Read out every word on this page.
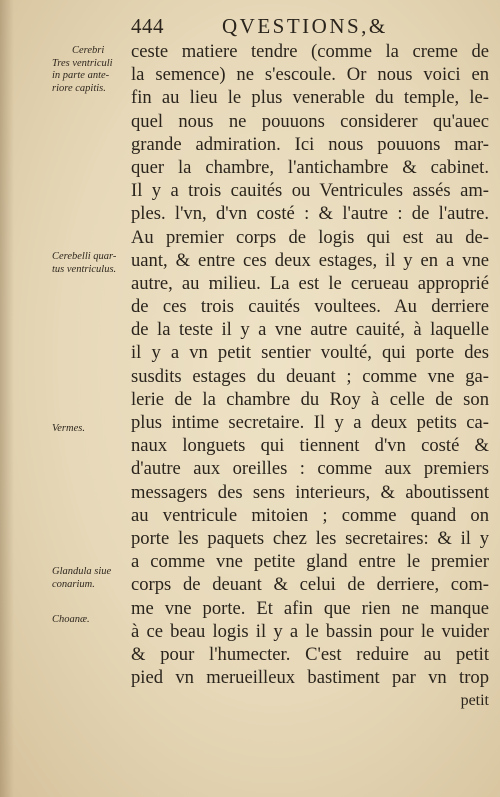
444	QVESTIONS,&
Cerebri
Tres ventriculi
in parte ante-
riore capitis.
Cerebelli quar-
tus ventriculus.
Vermes.
Glandula siue
conarium.
Choanæ.
ceste matiere tendre (comme la creme de
la semence) ne s'escoule. Or nous voici en
fin au lieu le plus venerable du temple, le-
quel nous ne pouuons considerer qu'auec
grande admiration. Ici nous pouuons mar-
quer la chambre, l'antichambre & cabinet.
Il y a trois cauités ou Ventricules assés am-
ples. l'vn, d'vn costé : & l'autre : de l'autre.
Au premier corps de logis qui est au de-
uant, & entre ces deux estages, il y en a vne
autre, au milieu. La est le cerueau approprié
de ces trois cauités voultees. Au derriere
de la teste il y a vne autre cauité, à laquelle
il y a vn petit sentier voulté, qui porte des
susdits estages du deuant ; comme vne ga-
lerie de la chambre du Roy à celle de son
plus intime secretaire. Il y a deux petits ca-
naux longuets qui tiennent d'vn costé &
d'autre aux oreilles : comme aux premiers
messagers des sens interieurs, & aboutissent
au ventricule mitoien ; comme quand on
porte les paquets chez les secretaires: & il y
a comme vne petite gland entre le premier
corps de deuant & celui de derriere, com-
me vne porte. Et afin que rien ne manque
à ce beau logis il y a le bassin pour le vuider
& pour l'humecter. C'est reduire au petit
pied vn merueilleux bastiment par vn trop
petit
